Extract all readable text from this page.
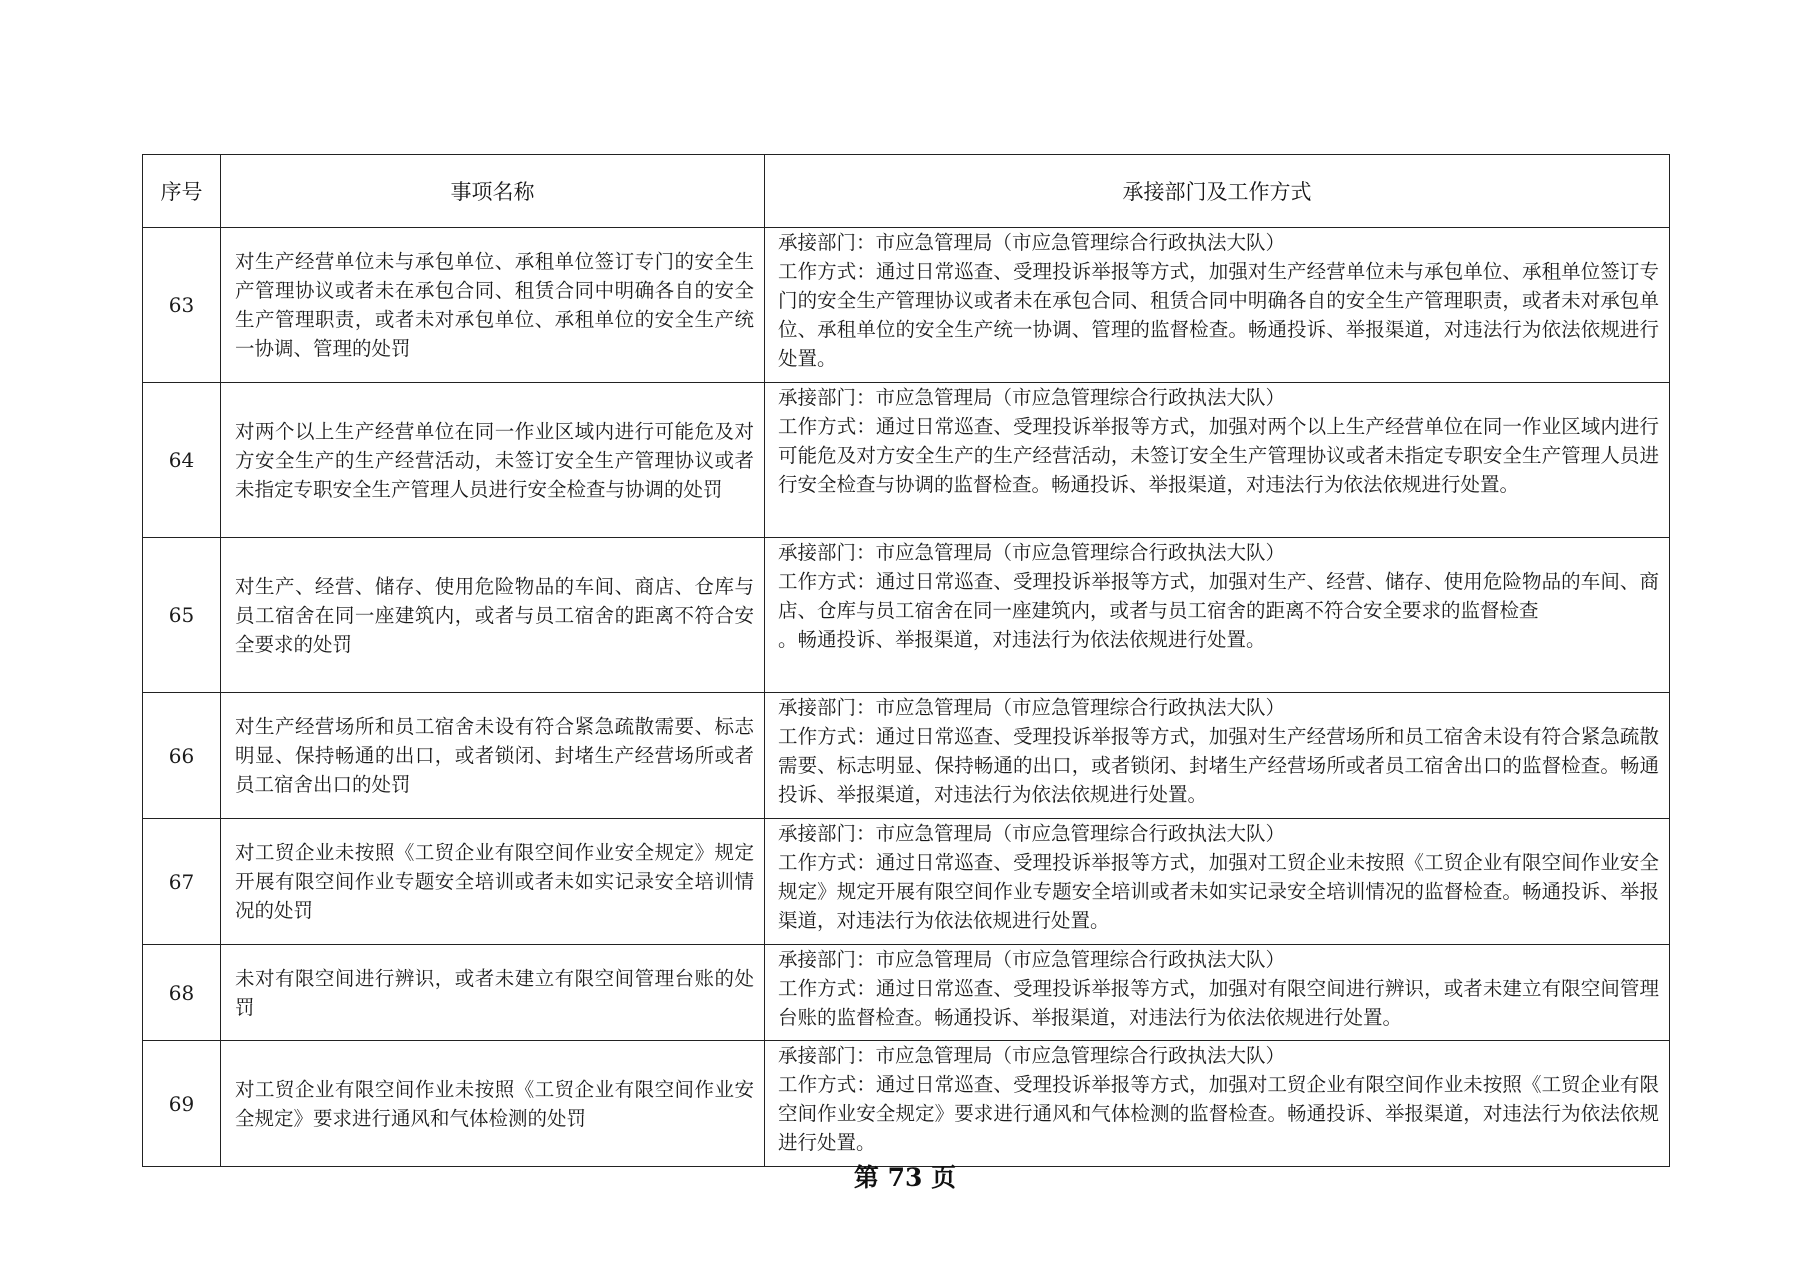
序号	事项名称	承接部门及工作方式
63	对生产经营单位未与承包单位、承租单位签订专门的安全生产管理协议或者未在承包合同、租赁合同中明确各自的安全生产管理职责，或者未对承包单位、承租单位的安全生产统一协调、管理的处罚	承接部门：市应急管理局（市应急管理综合行政执法大队）
工作方式：通过日常巡查、受理投诉举报等方式，加强对生产经营单位未与承包单位、承租单位签订专门的安全生产管理协议或者未在承包合同、租赁合同中明确各自的安全生产管理职责，或者未对承包单位、承租单位的安全生产统一协调、管理的监督检查。畅通投诉、举报渠道，对违法行为依法依规进行处置。

64	对两个以上生产经营单位在同一作业区域内进行可能危及对方安全生产的生产经营活动，未签订安全生产管理协议或者未指定专职安全生产管理人员进行安全检查与协调的处罚	承接部门：市应急管理局（市应急管理综合行政执法大队）
工作方式：通过日常巡查、受理投诉举报等方式，加强对两个以上生产经营单位在同一作业区域内进行可能危及对方安全生产的生产经营活动，未签订安全生产管理协议或者未指定专职安全生产管理人员进行安全检查与协调的监督检查。畅通投诉、举报渠道，对违法行为依法依规进行处置。

65	对生产、经营、储存、使用危险物品的车间、商店、仓库与员工宿舍在同一座建筑内，或者与员工宿舍的距离不符合安全要求的处罚	承接部门：市应急管理局（市应急管理综合行政执法大队）
工作方式：通过日常巡查、受理投诉举报等方式，加强对生产、经营、储存、使用危险物品的车间、商店、仓库与员工宿舍在同一座建筑内，或者与员工宿舍的距离不符合安全要求的监督检查
。畅通投诉、举报渠道，对违法行为依法依规进行处置。

66	对生产经营场所和员工宿舍未设有符合紧急疏散需要、标志明显、保持畅通的出口，或者锁闭、封堵生产经营场所或者员工宿舍出口的处罚	承接部门：市应急管理局（市应急管理综合行政执法大队）
工作方式：通过日常巡查、受理投诉举报等方式，加强对生产经营场所和员工宿舍未设有符合紧急疏散需要、标志明显、保持畅通的出口，或者锁闭、封堵生产经营场所或者员工宿舍出口的监督检查。畅通投诉、举报渠道，对违法行为依法依规进行处置。

67	对工贸企业未按照《工贸企业有限空间作业安全规定》规定开展有限空间作业专题安全培训或者未如实记录安全培训情况的处罚	承接部门：市应急管理局（市应急管理综合行政执法大队）
工作方式：通过日常巡查、受理投诉举报等方式，加强对工贸企业未按照《工贸企业有限空间作业安全规定》规定开展有限空间作业专题安全培训或者未如实记录安全培训情况的监督检查。畅通投诉、举报渠道，对违法行为依法依规进行处置。

68	未对有限空间进行辨识，或者未建立有限空间管理台账的处罚	承接部门：市应急管理局（市应急管理综合行政执法大队）
工作方式：通过日常巡查、受理投诉举报等方式，加强对有限空间进行辨识，或者未建立有限空间管理台账的监督检查。畅通投诉、举报渠道，对违法行为依法依规进行处置。

69	对工贸企业有限空间作业未按照《工贸企业有限空间作业安全规定》要求进行通风和气体检测的处罚	承接部门：市应急管理局（市应急管理综合行政执法大队）
工作方式：通过日常巡查、受理投诉举报等方式，加强对工贸企业有限空间作业未按照《工贸企业有限空间作业安全规定》要求进行通风和气体检测的监督检查。畅通投诉、举报渠道，对违法行为依法依规进行处置。
第 73 页
